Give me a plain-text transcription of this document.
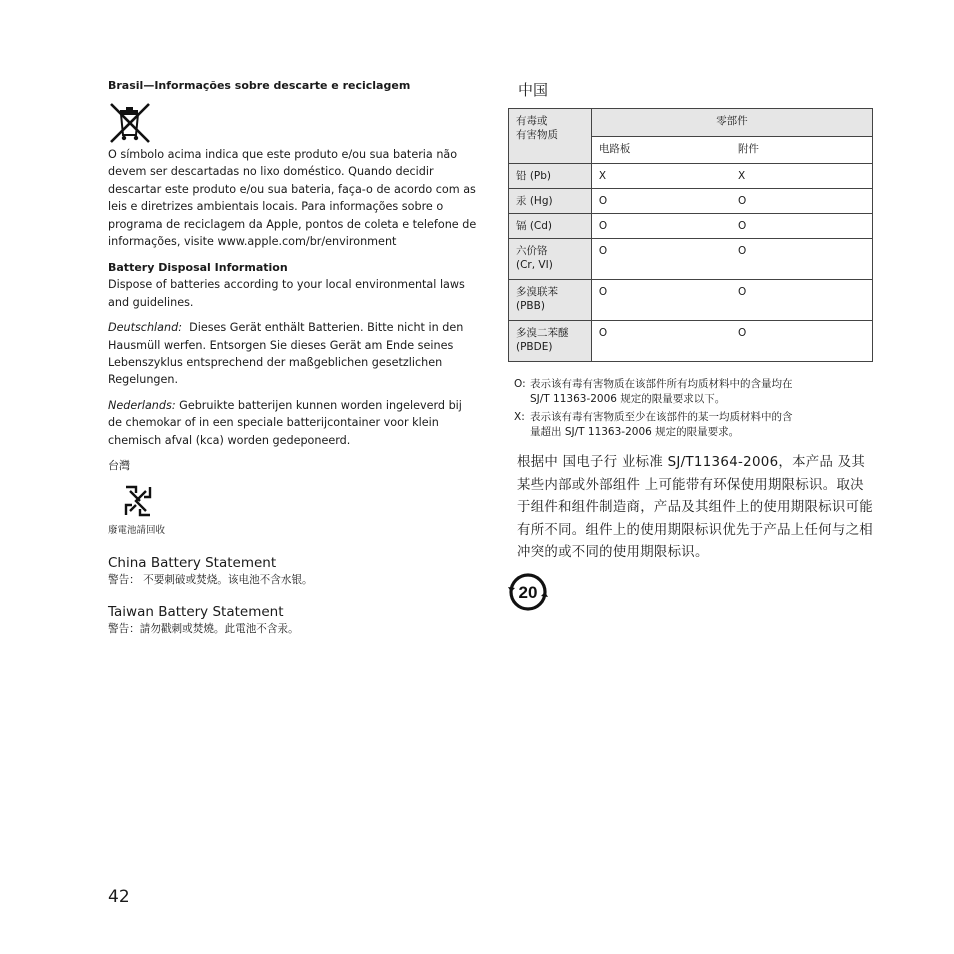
Brasil—Informações sobre descarte e reciclagem

O símbolo acima indica que este produto e/ou sua bateria não devem ser descartadas no lixo doméstico. Quando decidir descartar este produto e/ou sua bateria, faça-o de acordo com as leis e diretrizes ambientais locais. Para informações sobre o programa de reciclagem da Apple, pontos de coleta e telefone de informações, visite www.apple.com/br/environment

Battery Disposal Information

Dispose of batteries according to your local environmental laws and guidelines.

Deutschland: Dieses Gerät enthält Batterien. Bitte nicht in den Hausmüll werfen. Entsorgen Sie dieses Gerät am Ende seines Lebenszyklus entsprechend der maßgeblichen gesetzlichen Regelungen.

Nederlands: Gebruikte batterijen kunnen worden ingeleverd bij de chemokar of in een speciale batterijcontainer voor klein chemisch afval (kca) worden gedeponeerd.

台灣
廢電池請回收

China Battery Statement

警告： 不要刺破或焚烧。该电池不含水银。

Taiwan Battery Statement

警告：請勿戳刺或焚燒。此電池不含汞。

中国
有毒或
有害物质	零部件	
	电路板	附件
铅 (Pb)	X	X
汞 (Hg)	O	O
镉 (Cd)	O	O

六价铬
(Cr, VI)	O	O

多溴联苯
(PBB)	O	O

多溴二苯醚
(PBDE)	O	O
O: 表示该有毒有害物质在该部件所有均质材料中的含量均在
SJ/T 11363-2006 规定的限量要求以下。
X: 表示该有毒有害物质至少在该部件的某一均质材料中的含
量超出 SJ/T 11363-2006 规定的限量要求。

根据中 国电子行 业标准 SJ/T11364-2006，本产品 及其某些内部或外部组件 上可能带有环保使用期限标识。取决于组件和组件制造商，产品及其组件上的使用期限标识可能有所不同。组件上的使用期限标识优先于产品上任何与之相冲突的或不同的使用期限标识。

20
42
